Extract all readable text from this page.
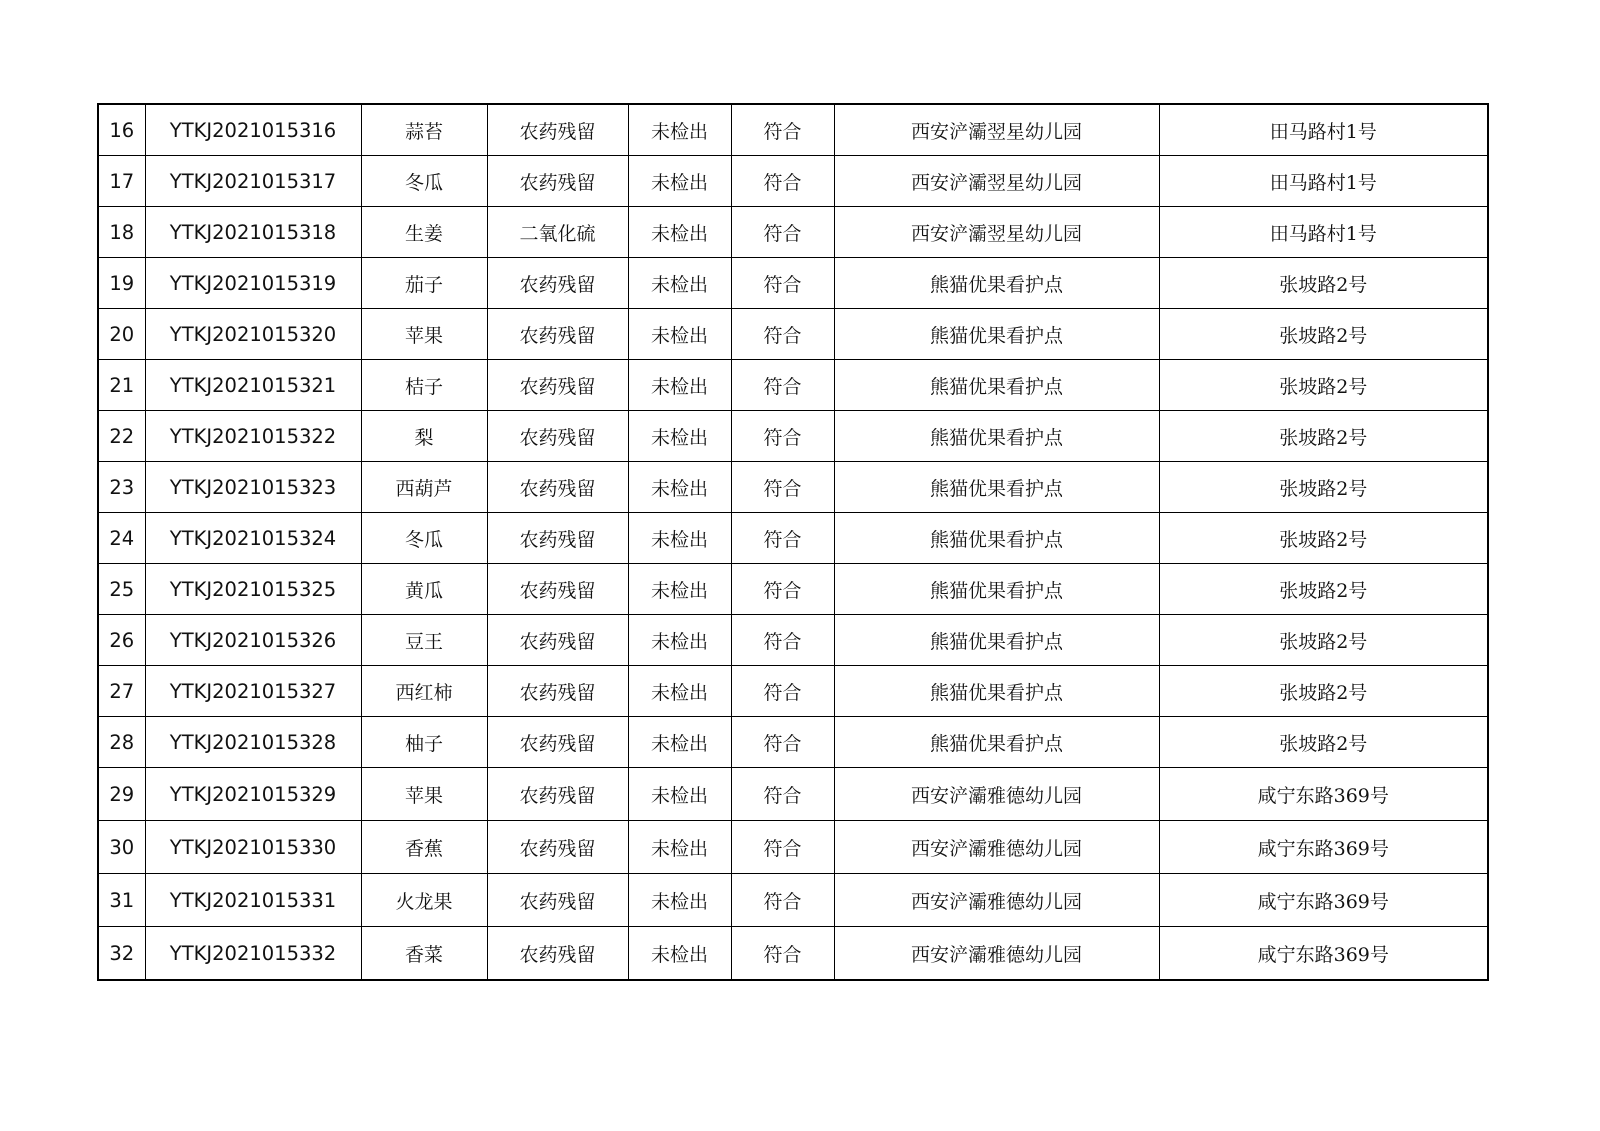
16	YTKJ2021015316	蒜苔	农药残留	未检出	符合	西安浐灞翌星幼儿园	田马路村1号
17	YTKJ2021015317	冬瓜	农药残留	未检出	符合	西安浐灞翌星幼儿园	田马路村1号
18	YTKJ2021015318	生姜	二氧化硫	未检出	符合	西安浐灞翌星幼儿园	田马路村1号
19	YTKJ2021015319	茄子	农药残留	未检出	符合	熊猫优果看护点	张坡路2号
20	YTKJ2021015320	苹果	农药残留	未检出	符合	熊猫优果看护点	张坡路2号
21	YTKJ2021015321	桔子	农药残留	未检出	符合	熊猫优果看护点	张坡路2号
22	YTKJ2021015322	梨	农药残留	未检出	符合	熊猫优果看护点	张坡路2号
23	YTKJ2021015323	西葫芦	农药残留	未检出	符合	熊猫优果看护点	张坡路2号
24	YTKJ2021015324	冬瓜	农药残留	未检出	符合	熊猫优果看护点	张坡路2号
25	YTKJ2021015325	黄瓜	农药残留	未检出	符合	熊猫优果看护点	张坡路2号
26	YTKJ2021015326	豆王	农药残留	未检出	符合	熊猫优果看护点	张坡路2号
27	YTKJ2021015327	西红柿	农药残留	未检出	符合	熊猫优果看护点	张坡路2号
28	YTKJ2021015328	柚子	农药残留	未检出	符合	熊猫优果看护点	张坡路2号
29	YTKJ2021015329	苹果	农药残留	未检出	符合	西安浐灞雅德幼儿园	咸宁东路369号
30	YTKJ2021015330	香蕉	农药残留	未检出	符合	西安浐灞雅德幼儿园	咸宁东路369号
31	YTKJ2021015331	火龙果	农药残留	未检出	符合	西安浐灞雅德幼儿园	咸宁东路369号
32	YTKJ2021015332	香菜	农药残留	未检出	符合	西安浐灞雅德幼儿园	咸宁东路369号
